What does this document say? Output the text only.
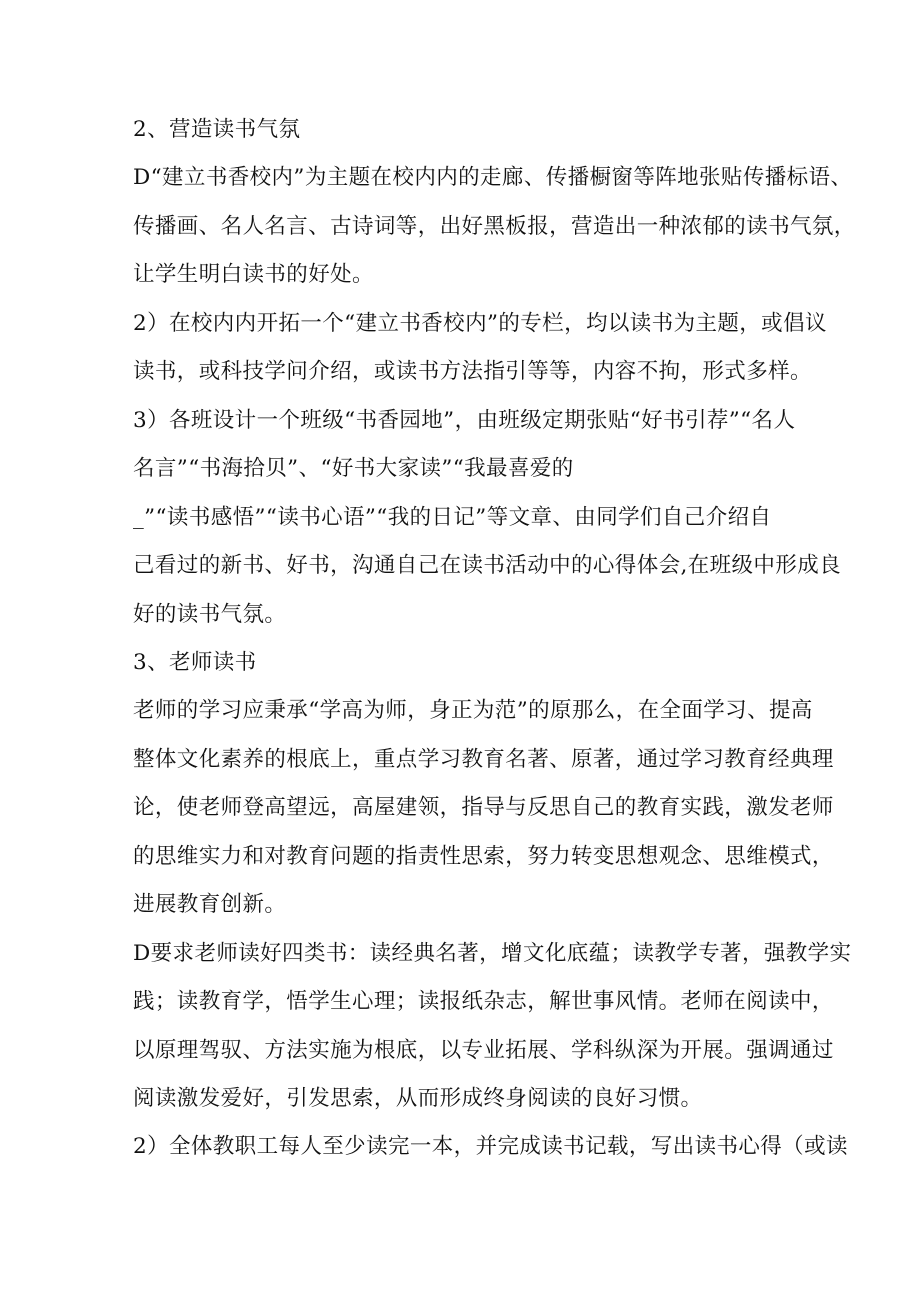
2、营造读书气氛
D“建立书香校内”为主题在校内内的走廊、传播橱窗等阵地张贴传播标语、
传播画、名人名言、古诗词等，出好黑板报，营造出一种浓郁的读书气氛，
让学生明白读书的好处。
2）在校内内开拓一个“建立书香校内”的专栏，均以读书为主题，或倡议
读书，或科技学问介绍，或读书方法指引等等，内容不拘，形式多样。
3）各班设计一个班级“书香园地”，由班级定期张贴“好书引荐”“名人
名言”“书海拾贝”、“好书大家读”“我最喜爱的
_”“读书感悟”“读书心语”“我的日记”等文章、由同学们自己介绍自
己看过的新书、好书，沟通自己在读书活动中的心得体会,在班级中形成良
好的读书气氛。
3、老师读书
老师的学习应秉承“学高为师，身正为范”的原那么，在全面学习、提高
整体文化素养的根底上，重点学习教育名著、原著，通过学习教育经典理
论，使老师登高望远，高屋建领，指导与反思自己的教育实践，激发老师
的思维实力和对教育问题的指责性思索，努力转变思想观念、思维模式，
进展教育创新。
D要求老师读好四类书：读经典名著，增文化底蕴；读教学专著，强教学实
践；读教育学，悟学生心理；读报纸杂志，解世事风情。老师在阅读中，
以原理驾驭、方法实施为根底，以专业拓展、学科纵深为开展。强调通过
阅读激发爱好，引发思索，从而形成终身阅读的良好习惯。
2）全体教职工每人至少读完一本，并完成读书记载，写出读书心得（或读
